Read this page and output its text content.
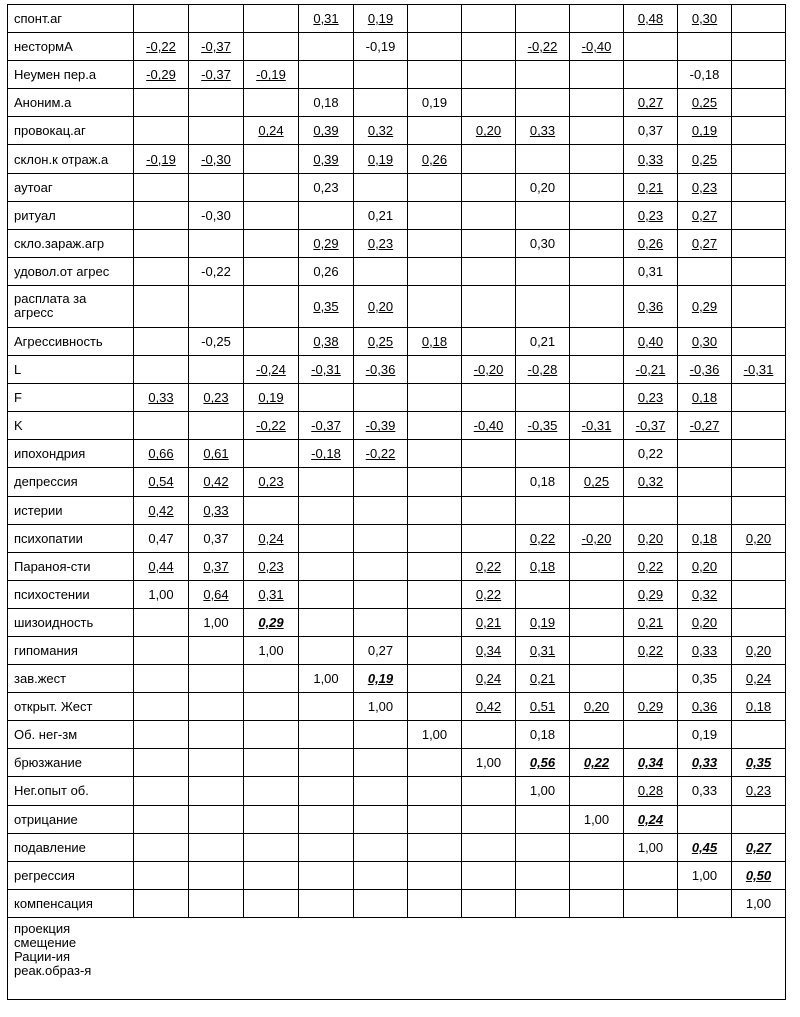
спонт.аг				0,31	0,19					0,48	0,30	
нестормА	-0,22	-0,37			-0,19			-0,22	-0,40			
Неумен пер.а	-0,29	-0,37	-0,19								-0,18	
Аноним.а				0,18		0,19				0,27	0,25	
провокац.аг			0,24	0,39	0,32		0,20	0,33		0,37	0,19	
склон.к отраж.а	-0,19	-0,30		0,39	0,19	0,26				0,33	0,25	
аутоаг				0,23				0,20		0,21	0,23	
ритуал		-0,30			0,21					0,23	0,27	
скло.зараж.агр				0,29	0,23			0,30		0,26	0,27	
удовол.от агрес		-0,22		0,26						0,31		
расплата за агресс				0,35	0,20					0,36	0,29	
Агрессивность		-0,25		0,38	0,25	0,18		0,21		0,40	0,30	
L			-0,24	-0,31	-0,36		-0,20	-0,28		-0,21	-0,36	-0,31
F	0,33	0,23	0,19							0,23	0,18	
K			-0,22	-0,37	-0,39		-0,40	-0,35	-0,31	-0,37	-0,27	
ипохондрия	0,66	0,61		-0,18	-0,22					0,22		
депрессия	0,54	0,42	0,23					0,18	0,25	0,32		
истерии	0,42	0,33										
психопатии	0,47	0,37	0,24					0,22	-0,20	0,20	0,18	0,20
Параноя-сти	0,44	0,37	0,23				0,22	0,18		0,22	0,20	
психостении	1,00	0,64	0,31				0,22			0,29	0,32	
шизоидность		1,00	0,29				0,21	0,19		0,21	0,20	
гипомания			1,00		0,27		0,34	0,31		0,22	0,33	0,20
зав.жест				1,00	0,19		0,24	0,21			0,35	0,24
открыт. Жест					1,00		0,42	0,51	0,20	0,29	0,36	0,18
Об. нег-зм						1,00		0,18			0,19	
брюзжание							1,00	0,56	0,22	0,34	0,33	0,35
Нег.опыт об.								1,00		0,28	0,33	0,23
отрицание									1,00	0,24		
подавление										1,00	0,45	0,27
регрессия											1,00	0,50
компенсация												1,00

проекция
смещение
Рации-ия
реак.образ-я												
